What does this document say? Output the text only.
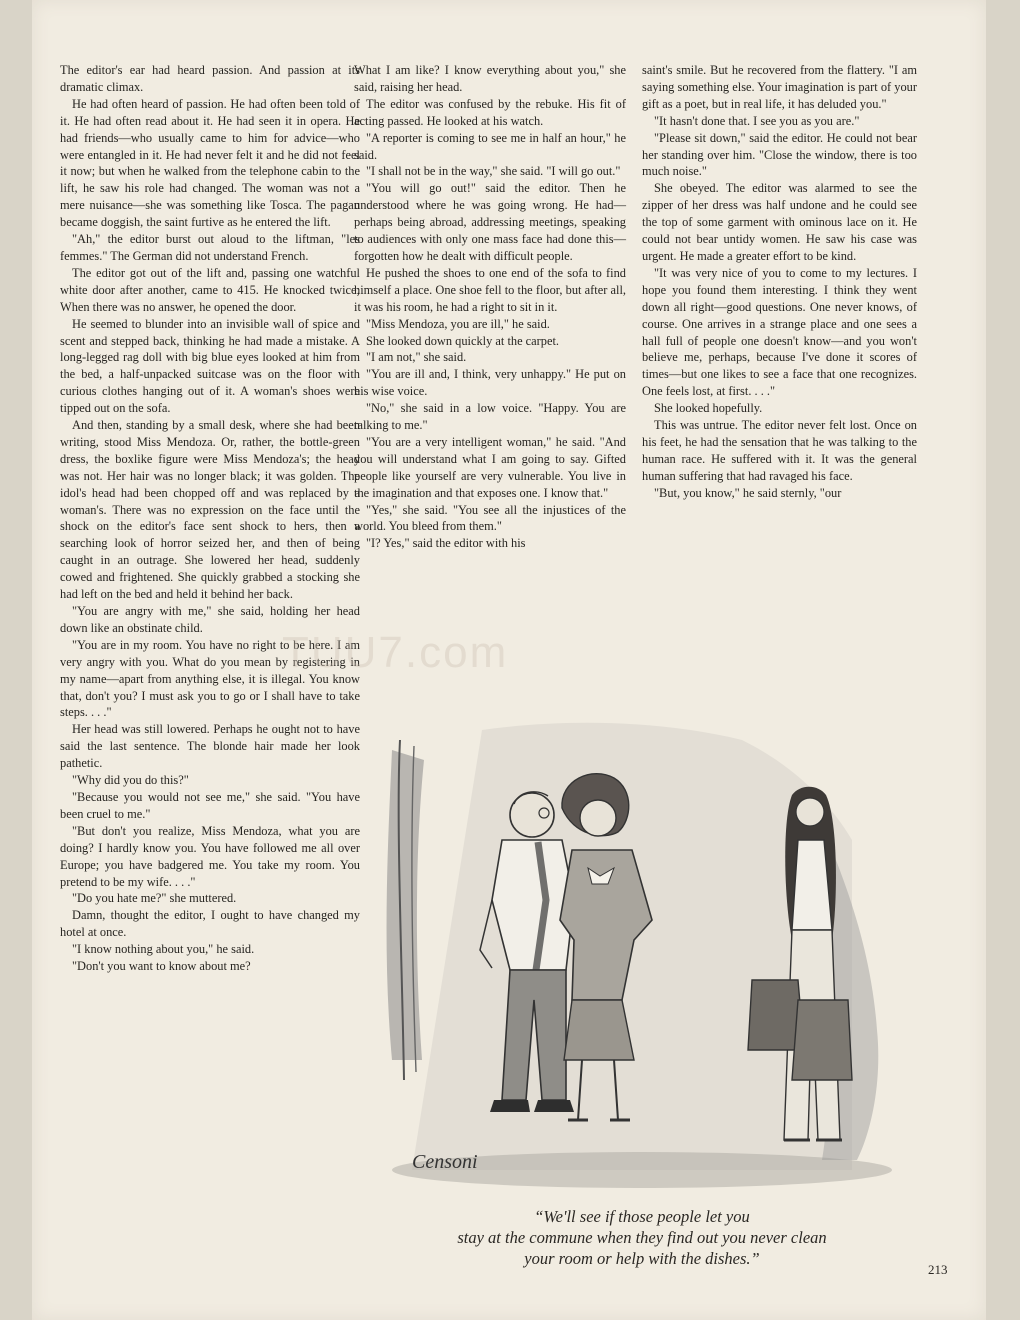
The editor's ear had heard passion. And passion at its dramatic climax.

He had often heard of passion. He had often been told of it. He had often read about it. He had seen it in opera. He had friends—who usually came to him for advice—who were entangled in it. He had never felt it and he did not feel it now; but when he walked from the telephone cabin to the lift, he saw his role had changed. The woman was not a mere nuisance—she was something like Tosca. The pagan became doggish, the saint furtive as he entered the lift.

"Ah," the editor burst out aloud to the liftman, "les femmes." The German did not understand French.

The editor got out of the lift and, passing one watchful white door after another, came to 415. He knocked twice; When there was no answer, he opened the door.

He seemed to blunder into an invisible wall of spice and scent and stepped back, thinking he had made a mistake. A long-legged rag doll with big blue eyes looked at him from the bed, a half-unpacked suitcase was on the floor with curious clothes hanging out of it. A woman's shoes were tipped out on the sofa.

And then, standing by a small desk, where she had been writing, stood Miss Mendoza. Or, rather, the bottle-green dress, the boxlike figure were Miss Mendoza's; the head was not. Her hair was no longer black; it was golden. The idol's head had been chopped off and was replaced by a woman's. There was no expression on the face until the shock on the editor's face sent shock to hers, then a searching look of horror seized her, and then of being caught in an outrage. She lowered her head, suddenly cowed and frightened. She quickly grabbed a stocking she had left on the bed and held it behind her back.

"You are angry with me," she said, holding her head down like an obstinate child.

"You are in my room. You have no right to be here. I am very angry with you. What do you mean by registering in my name—apart from anything else, it is illegal. You know that, don't you? I must ask you to go or I shall have to take steps. . . ."

Her head was still lowered. Perhaps he ought not to have said the last sentence. The blonde hair made her look pathetic.

"Why did you do this?"

"Because you would not see me," she said. "You have been cruel to me."

"But don't you realize, Miss Mendoza, what you are doing? I hardly know you. You have followed me all over Europe; you have badgered me. You take my room. You pretend to be my wife. . . ."

"Do you hate me?" she muttered.

Damn, thought the editor, I ought to have changed my hotel at once.

"I know nothing about you," he said.

"Don't you want to know about me?

What I am like? I know everything about you," she said, raising her head.

The editor was confused by the rebuke. His fit of acting passed. He looked at his watch.

"A reporter is coming to see me in half an hour," he said.

"I shall not be in the way," she said. "I will go out."

"You will go out!" said the editor. Then he understood where he was going wrong. He had—perhaps being abroad, addressing meetings, speaking to audiences with only one mass face had done this—forgotten how he dealt with difficult people.

He pushed the shoes to one end of the sofa to find himself a place. One shoe fell to the floor, but after all, it was his room, he had a right to sit in it.

"Miss Mendoza, you are ill," he said.

She looked down quickly at the carpet.

"I am not," she said.

"You are ill and, I think, very unhappy." He put on his wise voice.

"No," she said in a low voice. "Happy. You are talking to me."

"You are a very intelligent woman," he said. "And you will understand what I am going to say. Gifted people like yourself are very vulnerable. You live in the imagination and that exposes one. I know that."

"Yes," she said. "You see all the injustices of the world. You bleed from them."

"I? Yes," said the editor with his

saint's smile. But he recovered from the flattery. "I am saying something else. Your imagination is part of your gift as a poet, but in real life, it has deluded you."

"It hasn't done that. I see you as you are."

"Please sit down," said the editor. He could not bear her standing over him. "Close the window, there is too much noise."

She obeyed. The editor was alarmed to see the zipper of her dress was half undone and he could see the top of some garment with ominous lace on it. He could not bear untidy women. He saw his case was urgent. He made a greater effort to be kind.

"It was very nice of you to come to my lectures. I hope you found them interesting. I think they went down all right—good questions. One never knows, of course. One arrives in a strange place and one sees a hall full of people one doesn't know—and you won't believe me, perhaps, because I've done it scores of times—but one likes to see a face that one recognizes. One feels lost, at first. . . ."

She looked hopefully.

This was untrue. The editor never felt lost. Once on his feet, he had the sensation that he was talking to the human race. He suffered with it. It was the general human suffering that had ravaged his face.

"But, you know," he said sternly, "our

TUU7.com
Censoni
“We'll see if those people let you
stay at the commune when they find out you never clean
your room or help with the dishes.”
213
